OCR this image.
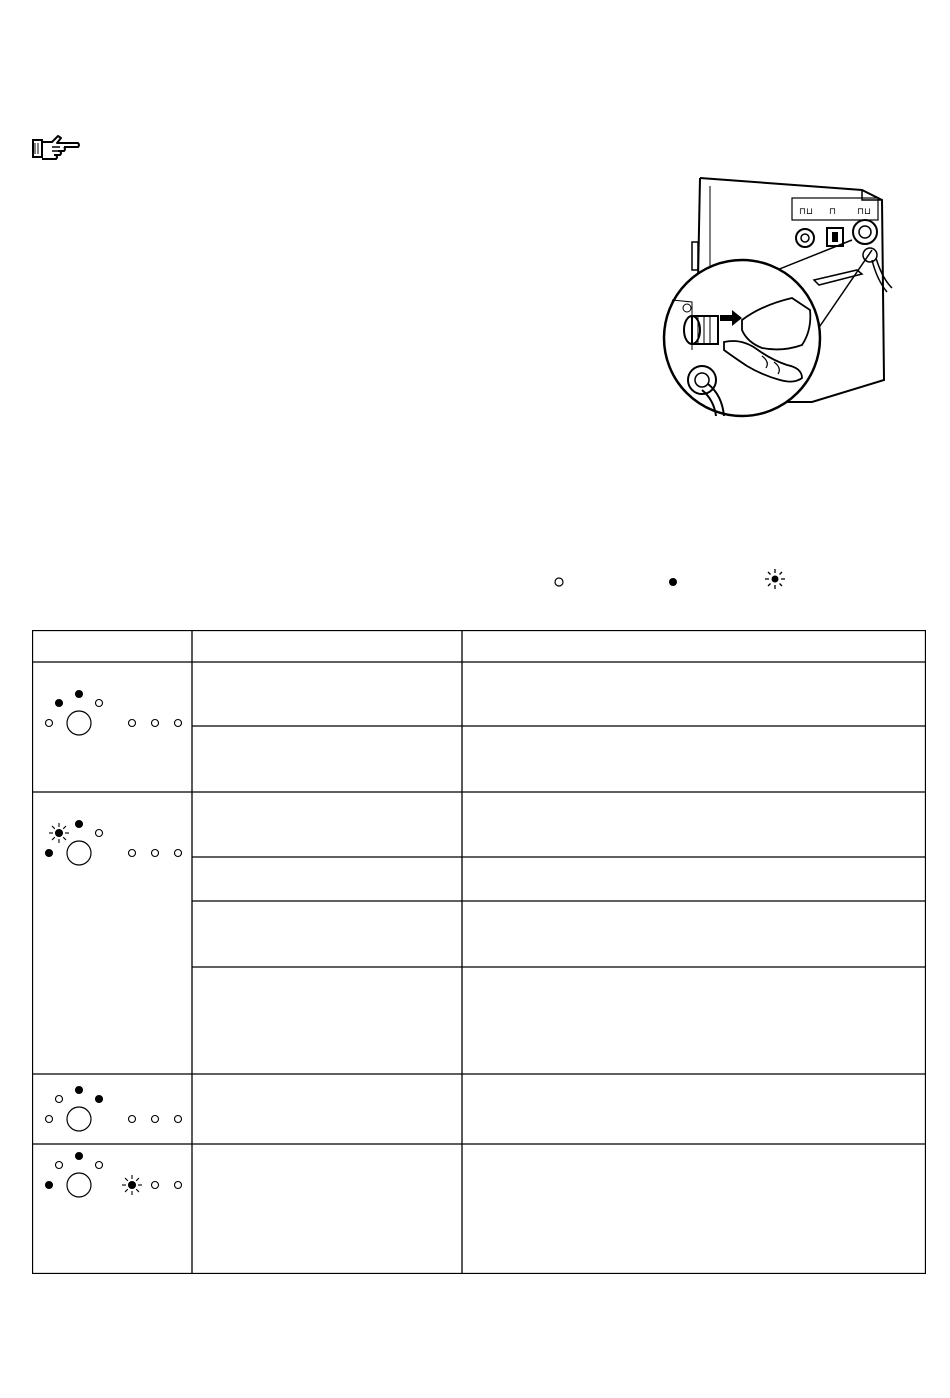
⊓⊔ ⊓ ⊓⊔
